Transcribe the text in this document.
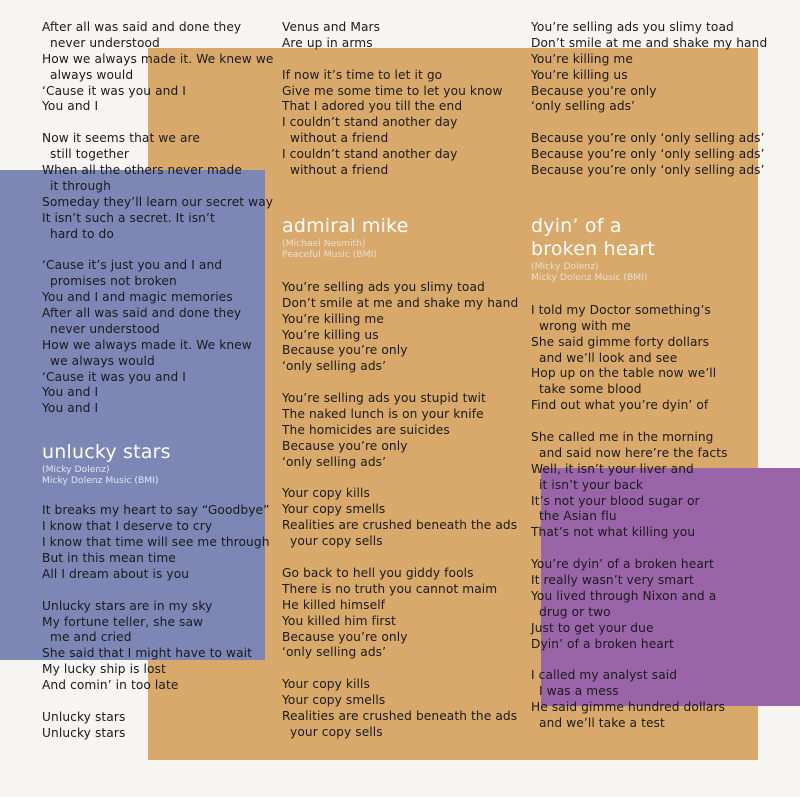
After all was said and done they
never understood
How we always made it. We knew we
always would
‘Cause it was you and I
You and I
Now it seems that we are
still together
When all the others never made
it through
Someday they’ll learn our secret way
It isn’t such a secret. It isn’t
hard to do
‘Cause it’s just you and I and
promises not broken
You and I and magic memories
After all was said and done they
never understood
How we always made it. We knew
we always would
‘Cause it was you and I
You and I
You and I
unlucky stars
(Micky Dolenz)
Micky Dolenz Music (BMI)
It breaks my heart to say “Goodbye”
I know that I deserve to cry
I know that time will see me through
But in this mean time
All I dream about is you
Unlucky stars are in my sky
My fortune teller, she saw
me and cried
She said that I might have to wait
My lucky ship is lost
And comin’ in too late
Unlucky stars
Unlucky stars
Venus and Mars
Are up in arms
If now it’s time to let it go
Give me some time to let you know
That I adored you till the end
I couldn’t stand another day
without a friend
I couldn’t stand another day
without a friend
admiral mike
(Michael Nesmith)
Peaceful Music (BMI)
You’re selling ads you slimy toad
Don’t smile at me and shake my hand
You’re killing me
You’re killing us
Because you’re only
‘only selling ads’
You’re selling ads you stupid twit
The naked lunch is on your knife
The homicides are suicides
Because you’re only
‘only selling ads’
Your copy kills
Your copy smells
Realities are crushed beneath the ads
your copy sells
Go back to hell you giddy fools
There is no truth you cannot maim
He killed himself
You killed him first
Because you’re only
‘only selling ads’
Your copy kills
Your copy smells
Realities are crushed beneath the ads
your copy sells
You’re selling ads you slimy toad
Don’t smile at me and shake my hand
You’re killing me
You’re killing us
Because you’re only
‘only selling ads’
Because you’re only ‘only selling ads’
Because you’re only ‘only selling ads’
Because you’re only ‘only selling ads’
dyin’ of a
broken heart
(Micky Dolenz)
Micky Dolenz Music (BMI)
I told my Doctor something’s
wrong with me
She said gimme forty dollars
and we’ll look and see
Hop up on the table now we’ll
take some blood
Find out what you’re dyin’ of
She called me in the morning
and said now here’re the facts
Well, it isn’t your liver and
it isn’t your back
It’s not your blood sugar or
the Asian flu
That’s not what killing you
You’re dyin’ of a broken heart
It really wasn’t very smart
You lived through Nixon and a
drug or two
Just to get your due
Dyin’ of a broken heart
I called my analyst said
I was a mess
He said gimme hundred dollars
and we’ll take a test
